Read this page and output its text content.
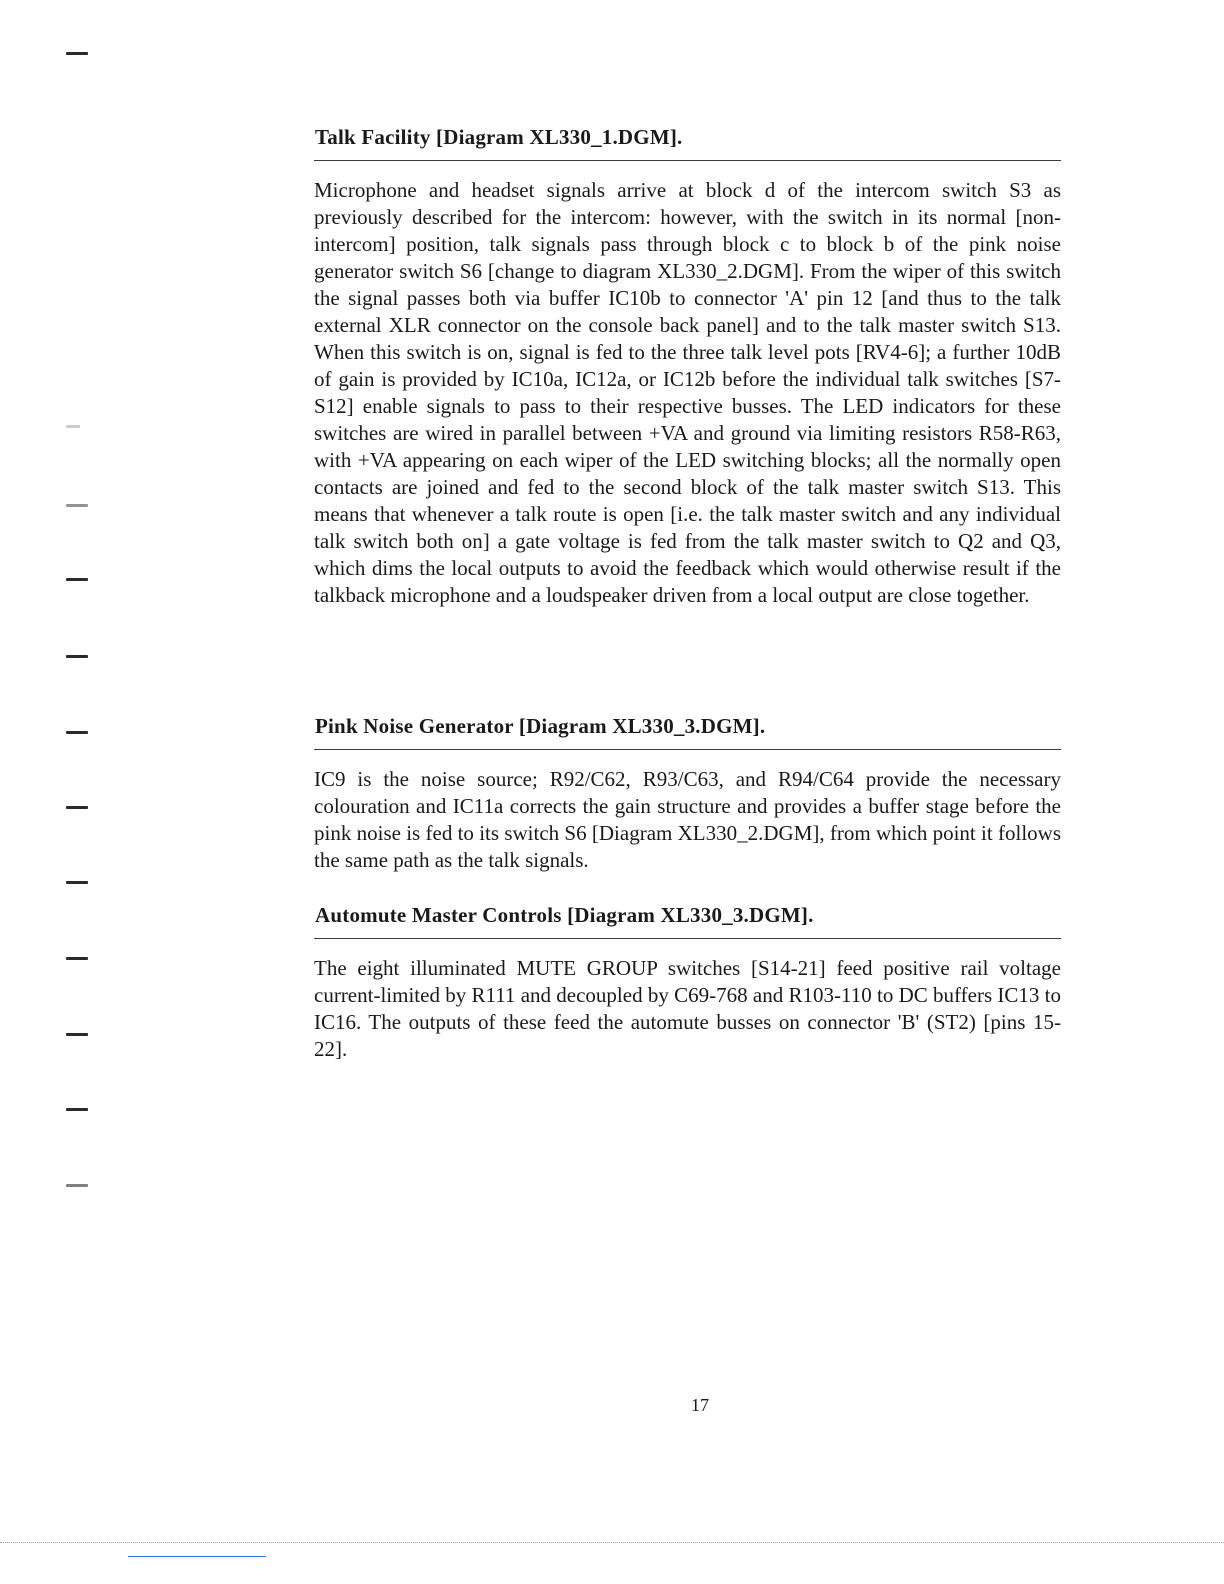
Talk Facility [Diagram XL330_1.DGM].

Microphone and headset signals arrive at block d of the intercom switch S3 as previously described for the intercom: however, with the switch in its normal [non-intercom] position, talk signals pass through block c to block b of the pink noise generator switch S6 [change to diagram XL330_2.DGM]. From the wiper of this switch the signal passes both via buffer IC10b to connector 'A' pin 12 [and thus to the talk external XLR connector on the console back panel] and to the talk master switch S13. When this switch is on, signal is fed to the three talk level pots [RV4-6]; a further 10dB of gain is provided by IC10a, IC12a, or IC12b before the individual talk switches [S7-S12] enable signals to pass to their respective busses. The LED indicators for these switches are wired in parallel between +VA and ground via limiting resistors R58-R63, with +VA appearing on each wiper of the LED switching blocks; all the normally open contacts are joined and fed to the second block of the talk master switch S13. This means that whenever a talk route is open [i.e. the talk master switch and any individual talk switch both on] a gate voltage is fed from the talk master switch to Q2 and Q3, which dims the local outputs to avoid the feedback which would otherwise result if the talkback microphone and a loudspeaker driven from a local output are close together.

Pink Noise Generator [Diagram XL330_3.DGM].

IC9 is the noise source; R92/C62, R93/C63, and R94/C64 provide the necessary colouration and IC11a corrects the gain structure and provides a buffer stage before the pink noise is fed to its switch S6 [Diagram XL330_2.DGM], from which point it follows the same path as the talk signals.

Automute Master Controls [Diagram XL330_3.DGM].

The eight illuminated MUTE GROUP switches [S14-21] feed positive rail voltage current-limited by R111 and decoupled by C69-768 and R103-110 to DC buffers IC13 to IC16. The outputs of these feed the automute busses on connector 'B' (ST2) [pins 15-22].

17
